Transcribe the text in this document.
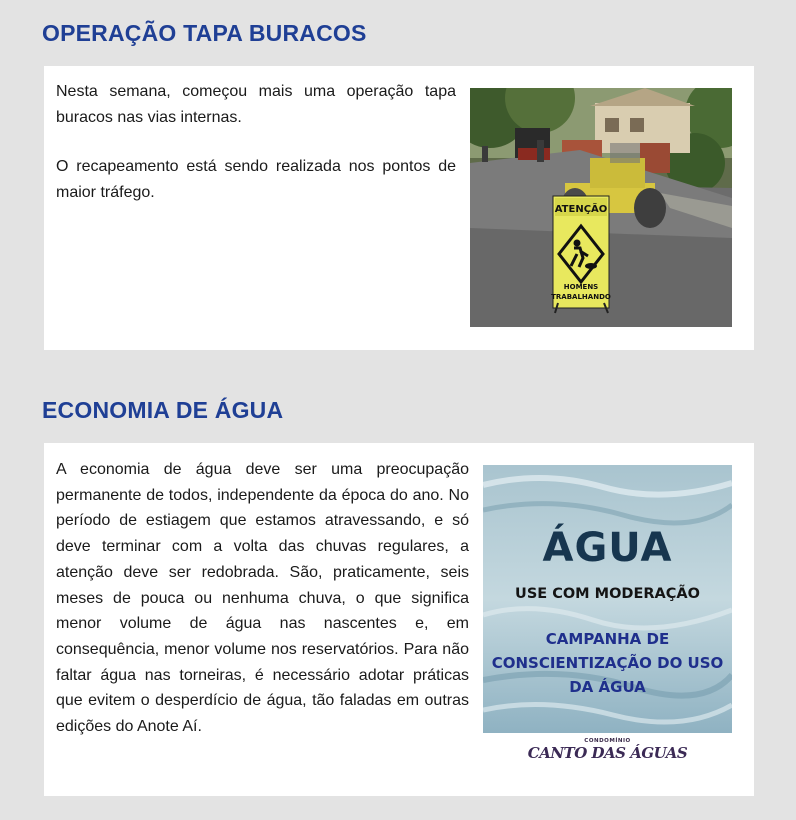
OPERAÇÃO TAPA BURACOS

Nesta semana, começou mais uma operação tapa buracos nas vias internas.

O recapeamento está sendo realizada nos pontos de maior tráfego.

ATENÇÃO
HOMENS
TRABALHANDO
ECONOMIA DE ÁGUA

A economia de água deve ser uma preocupação permanente de todos, independente da época do ano. No período de estiagem que estamos atravessando, e só deve terminar com a volta das chuvas regulares, a atenção deve ser redobrada. São, praticamente, seis meses de pouca ou nenhuma chuva, o que significa menor volume de água nas nascentes e, em consequência, menor volume nos reservatórios. Para não faltar água nas torneiras, é necessário adotar práticas que evitem o desperdício de água, tão faladas em outras edições do Anote Aí.

ÁGUA
USE COM MODERAÇÃO
CAMPANHA DE CONSCIENTIZAÇÃO DO USO DA ÁGUA
CONDOMÍNIO
CANTO DAS ÁGUAS
